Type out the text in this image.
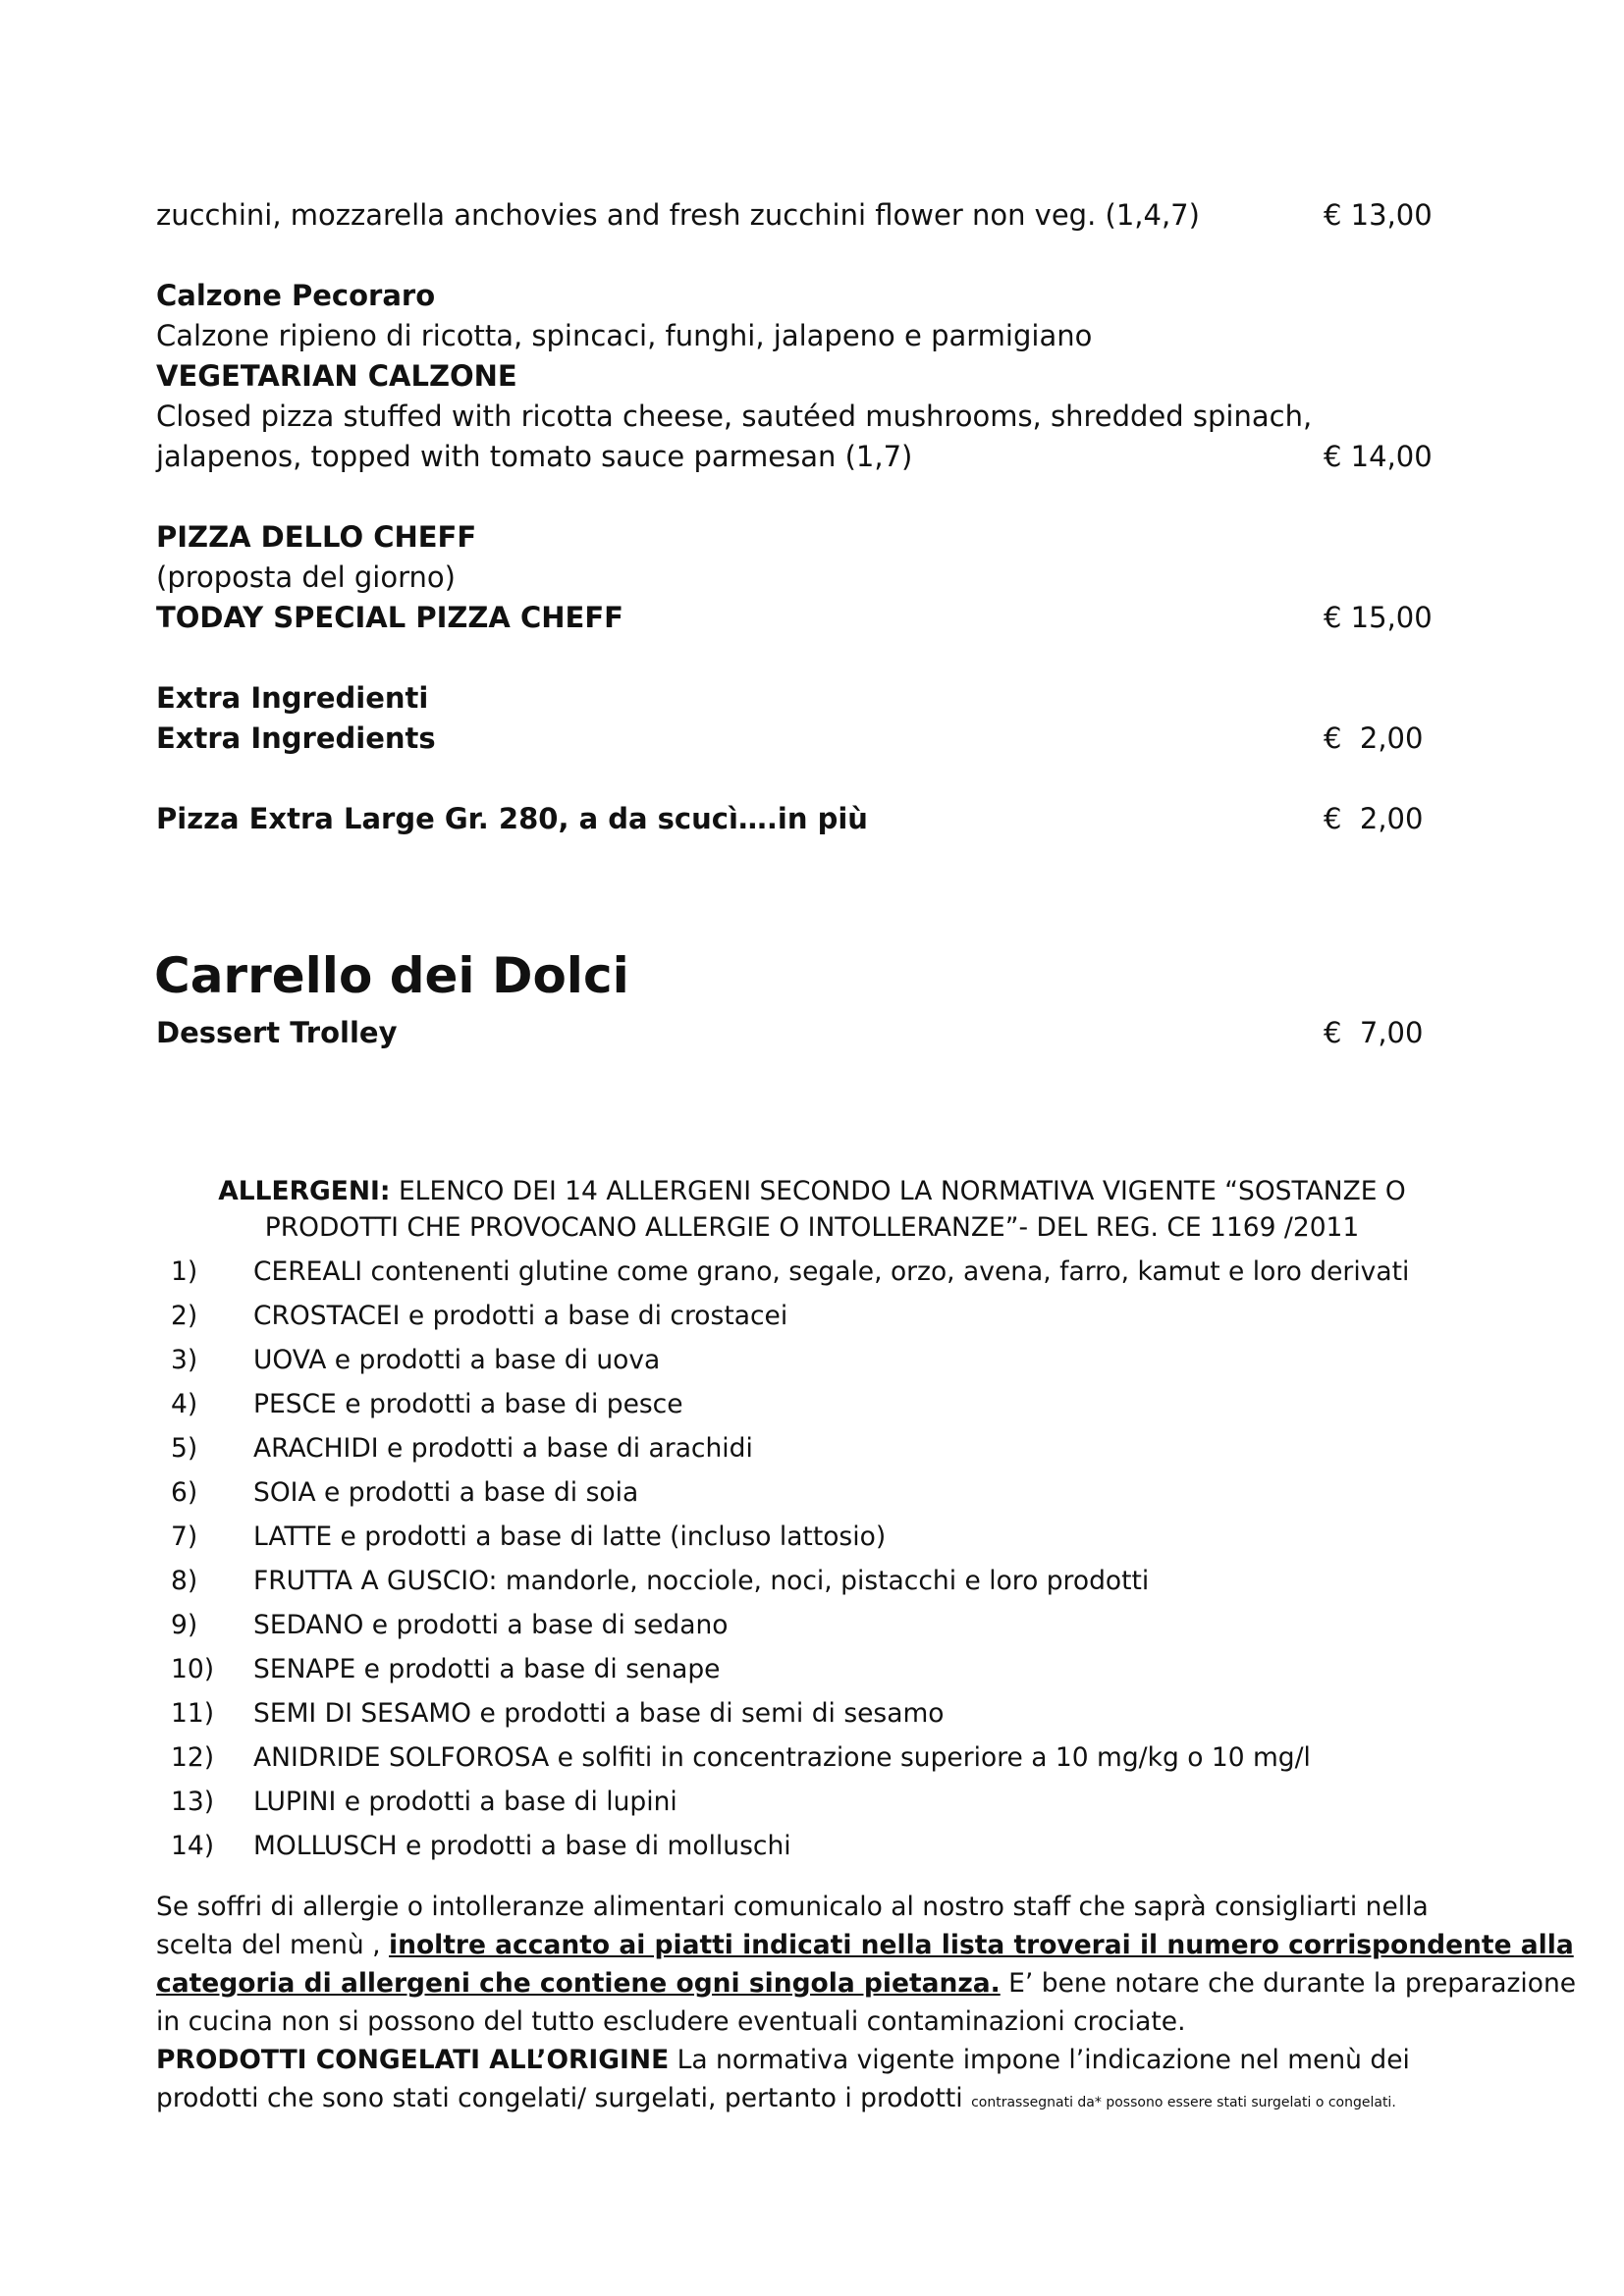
zucchini, mozzarella anchovies and fresh zucchini flower non veg. (1,4,7)	€ 13,00
Calzone Pecoraro
Calzone ripieno di ricotta, spincaci, funghi, jalapeno e parmigiano
VEGETARIAN CALZONE
Closed pizza stuffed with ricotta cheese, sautéed mushrooms, shredded spinach,
jalapenos, topped with tomato sauce parmesan (1,7)	€ 14,00
PIZZA DELLO CHEFF
(proposta del giorno)
TODAY SPECIAL PIZZA CHEFF	€ 15,00
Extra Ingredienti
Extra Ingredients	€  2,00
Pizza Extra Large Gr. 280, a da scucì….in più	€  2,00
Carrello dei Dolci
Dessert Trolley	€  7,00
ALLERGENI: ELENCO DEI 14 ALLERGENI SECONDO LA NORMATIVA VIGENTE “SOSTANZE O
PRODOTTI CHE PROVOCANO ALLERGIE O INTOLLERANZE”- DEL REG. CE 1169 /2011
1) CEREALI contenenti glutine come grano, segale, orzo, avena, farro, kamut e loro derivati
2) CROSTACEI e prodotti a base di crostacei
3) UOVA e prodotti a base di uova
4) PESCE e prodotti a base di pesce
5) ARACHIDI e prodotti a base di arachidi
6) SOIA e prodotti a base di soia
7) LATTE e prodotti a base di latte (incluso lattosio)
8) FRUTTA A GUSCIO: mandorle, nocciole, noci, pistacchi e loro prodotti
9) SEDANO e prodotti a base di sedano
10) SENAPE e prodotti a base di senape
11) SEMI DI SESAMO e prodotti a base di semi di sesamo
12) ANIDRIDE SOLFOROSA e solfiti in concentrazione superiore a 10 mg/kg o 10 mg/l
13) LUPINI e prodotti a base di lupini
14) MOLLUSCH e prodotti a base di molluschi
Se soffri di allergie o intolleranze alimentari comunicalo al nostro staff che saprà consigliarti nella
scelta del menù , inoltre accanto ai piatti indicati nella lista troverai il numero corrispondente alla
categoria di allergeni che contiene ogni singola pietanza. E’ bene notare che durante la preparazione
in cucina non si possono del tutto escludere eventuali contaminazioni crociate.
PRODOTTI CONGELATI ALL’ORIGINE La normativa vigente impone l’indicazione nel menù dei
prodotti che sono stati congelati/ surgelati, pertanto i prodotti contrassegnati da* possono essere stati surgelati o congelati.
